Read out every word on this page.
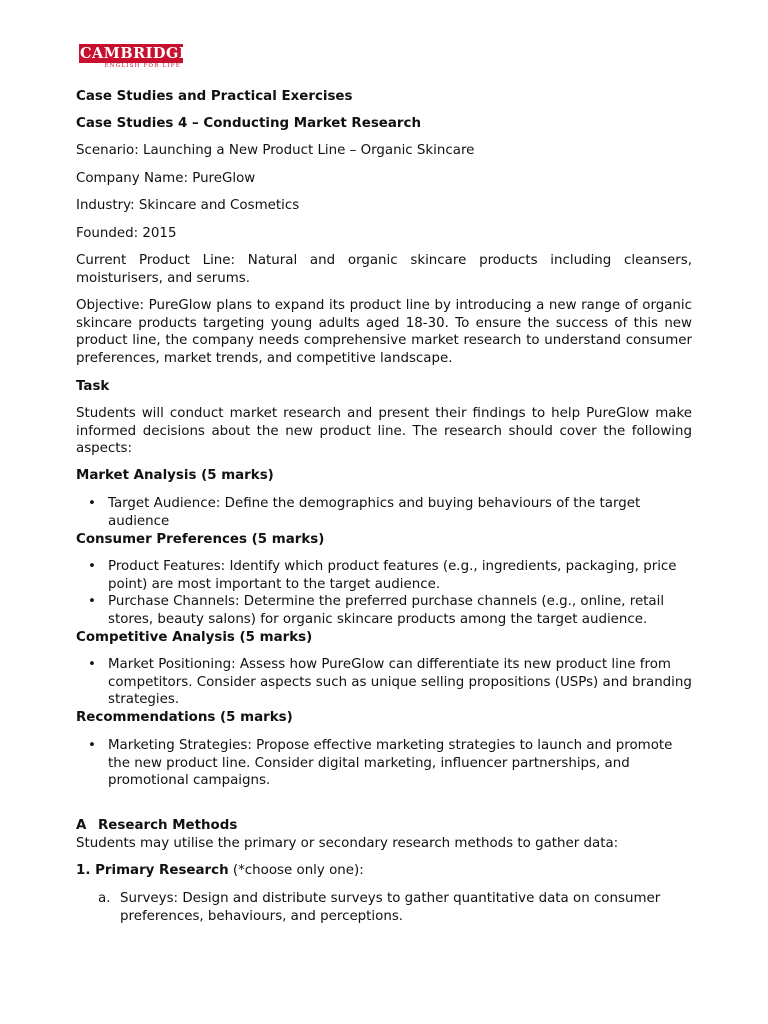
CAMBRIDGE
ENGLISH FOR LIFE

Case Studies and Practical Exercises

Case Studies 4 – Conducting Market Research

Scenario: Launching a New Product Line – Organic Skincare

Company Name: PureGlow

Industry: Skincare and Cosmetics

Founded: 2015

Current Product Line: Natural and organic skincare products including cleansers, moisturisers, and serums.

Objective: PureGlow plans to expand its product line by introducing a new range of organic skincare products targeting young adults aged 18-30. To ensure the success of this new product line, the company needs comprehensive market research to understand consumer preferences, market trends, and competitive landscape.

Task

Students will conduct market research and present their findings to help PureGlow make informed decisions about the new product line. The research should cover the following aspects:

Market Analysis (5 marks)

• Target Audience: Define the demographics and buying behaviours of the target audience

Consumer Preferences (5 marks)

• Product Features: Identify which product features (e.g., ingredients, packaging, price point) are most important to the target audience.
• Purchase Channels: Determine the preferred purchase channels (e.g., online, retail stores, beauty salons) for organic skincare products among the target audience.

Competitive Analysis (5 marks)

• Market Positioning: Assess how PureGlow can differentiate its new product line from competitors. Consider aspects such as unique selling propositions (USPs) and branding strategies.

Recommendations (5 marks)

• Marketing Strategies: Propose effective marketing strategies to launch and promote the new product line. Consider digital marketing, influencer partnerships, and promotional campaigns.

A Research Methods

Students may utilise the primary or secondary research methods to gather data:

1. Primary Research (*choose only one):

a. Surveys: Design and distribute surveys to gather quantitative data on consumer preferences, behaviours, and perceptions.
